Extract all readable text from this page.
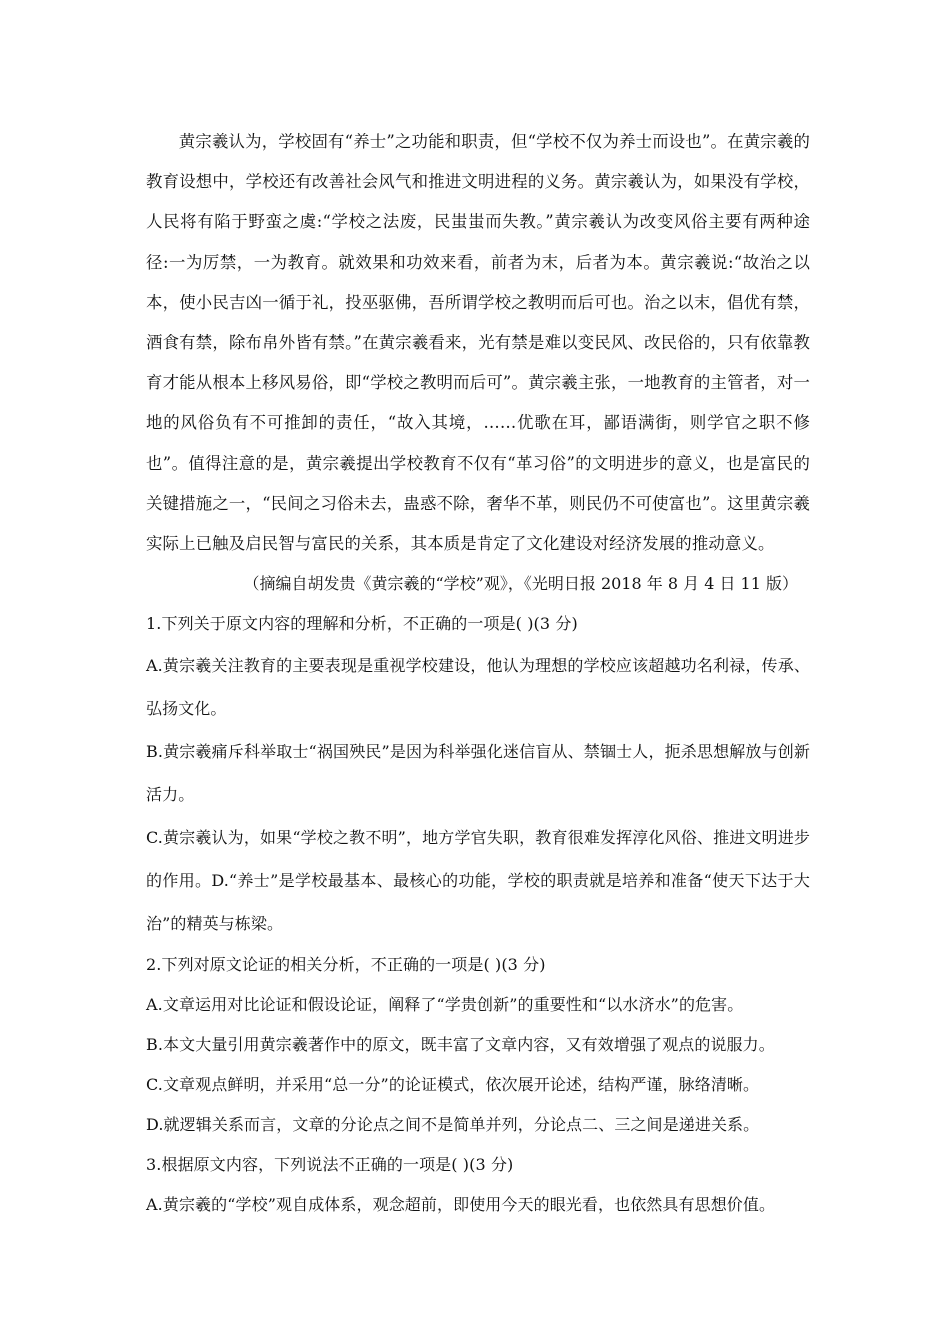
黄宗羲认为，学校固有“养士”之功能和职责，但“学校不仅为养士而设也”。在黄宗羲的教育设想中，学校还有改善社会风气和推进文明进程的义务。黄宗羲认为，如果没有学校，人民将有陷于野蛮之虞:“学校之法废，民蚩蚩而失教。”黄宗羲认为改变风俗主要有两种途径:一为厉禁，一为教育。就效果和功效来看，前者为末，后者为本。黄宗羲说:“故治之以本，使小民吉凶一循于礼，投巫驱佛，吾所谓学校之教明而后可也。治之以末，倡优有禁，酒食有禁，除布帛外皆有禁。”在黄宗羲看来，光有禁是难以变民风、改民俗的，只有依靠教育才能从根本上移风易俗，即“学校之教明而后可”。黄宗羲主张，一地教育的主管者，对一地的风俗负有不可推卸的责任，“故入其境，……优歌在耳，鄙语满街，则学官之职不修也”。值得注意的是，黄宗羲提出学校教育不仅有“革习俗”的文明进步的意义，也是富民的关键措施之一，“民间之习俗未去，蛊惑不除，奢华不革，则民仍不可使富也”。这里黄宗羲实际上已触及启民智与富民的关系，其本质是肯定了文化建设对经济发展的推动意义。

（摘编自胡发贵《黄宗羲的“学校”观》，《光明日报 2018 年 8 月 4 日 11 版）

1.下列关于原文内容的理解和分析，不正确的一项是( )(3 分)

A.黄宗羲关注教育的主要表现是重视学校建设，他认为理想的学校应该超越功名利禄，传承、弘扬文化。

B.黄宗羲痛斥科举取士“祸国殃民”是因为科举强化迷信盲从、禁锢士人，扼杀思想解放与创新活力。

C.黄宗羲认为，如果“学校之教不明”，地方学官失职，教育很难发挥淳化风俗、推进文明进步的作用。D.“养士”是学校最基本、最核心的功能，学校的职责就是培养和准备“使天下达于大治”的精英与栋梁。

2.下列对原文论证的相关分析，不正确的一项是( )(3 分)

A.文章运用对比论证和假设论证，阐释了“学贵创新”的重要性和“以水济水”的危害。

B.本文大量引用黄宗羲著作中的原文，既丰富了文章内容，又有效增强了观点的说服力。

C.文章观点鲜明，并采用“总一分”的论证模式，依次展开论述，结构严谨，脉络清晰。

D.就逻辑关系而言，文章的分论点之间不是简单并列，分论点二、三之间是递进关系。

3.根据原文内容，下列说法不正确的一项是( )(3 分)

A.黄宗羲的“学校”观自成体系，观念超前，即使用今天的眼光看，也依然具有思想价值。
